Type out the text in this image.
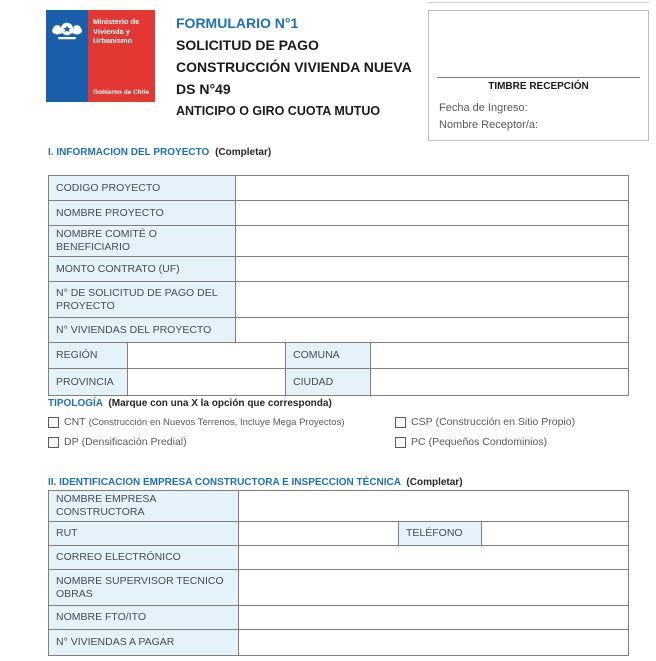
Ministerio de
Vivienda y
Urbanismo
Gobierno de Chile
FORMULARIO N°1
SOLICITUD DE PAGO
CONSTRUCCIÓN VIVIENDA NUEVA
DS N°49
ANTICIPO O GIRO CUOTA MUTUO
TIMBRE RECEPCIÓN
Fecha de Ingreso:
Nombre Receptor/a:
I. INFORMACION DEL PROYECTO (Completar)
CODIGO PROYECTO				
NOMBRE PROYECTO				
NOMBRE COMITÉ O BENEFICIARIO				
MONTO CONTRATO (UF)				
N° DE SOLICITUD DE PAGO DEL PROYECTO				
N° VIVIENDAS DEL PROYECTO				
REGIÓN			COMUNA	
PROVINCIA			CIUDAD	
TIPOLOGÍA (Marque con una X la opción que corresponda)
CNT (Construcción en Nuevos Terrenos, Incluye Mega Proyectos)	CSP (Construcción en Sitio Propio)
DP (Densificación Predial)	PC (Pequeños Condominios)
II. IDENTIFICACION EMPRESA CONSTRUCTORA E INSPECCION TÉCNICA (Completar)
NOMBRE EMPRESA CONSTRUCTORA			
RUT		TELÉFONO	
CORREO ELECTRÓNICO			
NOMBRE SUPERVISOR TECNICO OBRAS			
NOMBRE FTO/ITO			
N° VIVIENDAS A PAGAR			
